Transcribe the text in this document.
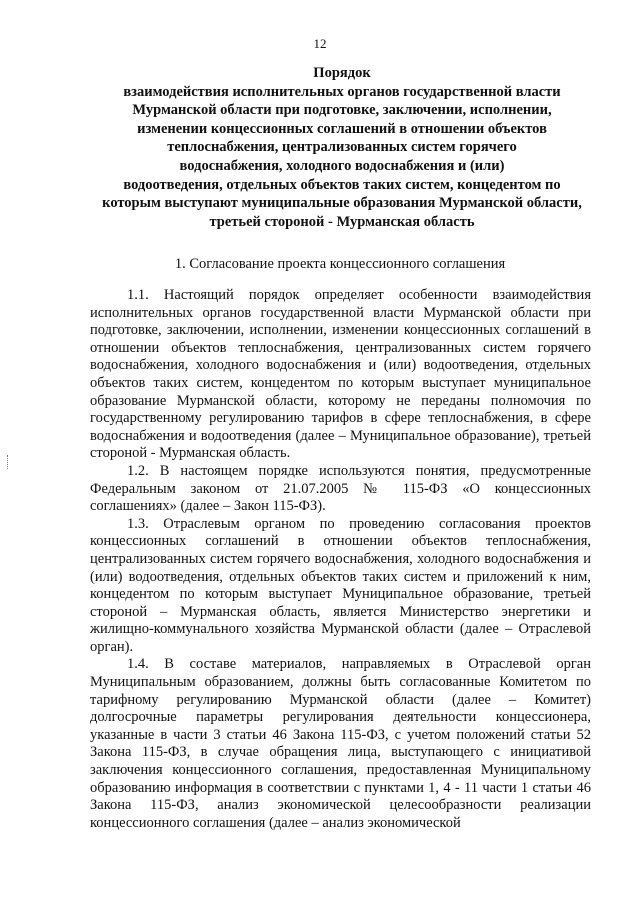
12
Порядок
взаимодействия исполнительных органов государственной власти
Мурманской области при подготовке, заключении, исполнении,
изменении концессионных соглашений в отношении объектов
теплоснабжения, централизованных систем горячего
водоснабжения, холодного водоснабжения и (или)
водоотведения, отдельных объектов таких систем, концедентом по
которым выступают муниципальные образования Мурманской области,
третьей стороной - Мурманская область
1. Согласование проекта концессионного соглашения

1.1. Настоящий порядок определяет особенности взаимодействия исполнительных органов государственной власти Мурманской области при подготовке, заключении, исполнении, изменении концессионных соглашений в отношении объектов теплоснабжения, централизованных систем горячего водоснабжения, холодного водоснабжения и (или) водоотведения, отдельных объектов таких систем, концедентом по которым выступает муниципальное образование Мурманской области, которому не переданы полномочия по государственному регулированию тарифов в сфере теплоснабжения, в сфере водоснабжения и водоотведения (далее – Муниципальное образование), третьей стороной - Мурманская область.

1.2. В настоящем порядке используются понятия, предусмотренные Федеральным законом от 21.07.2005 № 115-ФЗ «О концессионных соглашениях» (далее – Закон 115-ФЗ).

1.3. Отраслевым органом по проведению согласования проектов концессионных соглашений в отношении объектов теплоснабжения, централизованных систем горячего водоснабжения, холодного водоснабжения и (или) водоотведения, отдельных объектов таких систем и приложений к ним, концедентом по которым выступает Муниципальное образование, третьей стороной – Мурманская область, является Министерство энергетики и жилищно-коммунального хозяйства Мурманской области (далее – Отраслевой орган).

1.4. В составе материалов, направляемых в Отраслевой орган Муниципальным образованием, должны быть согласованные Комитетом по тарифному регулированию Мурманской области (далее – Комитет) долгосрочные параметры регулирования деятельности концессионера, указанные в части 3 статьи 46 Закона 115-ФЗ, с учетом положений статьи 52 Закона 115-ФЗ, в случае обращения лица, выступающего с инициативой заключения концессионного соглашения, предоставленная Муниципальному образованию информация в соответствии с пунктами 1, 4 - 11 части 1 статьи 46 Закона 115-ФЗ, анализ экономической целесообразности реализации концессионного соглашения (далее – анализ экономической
